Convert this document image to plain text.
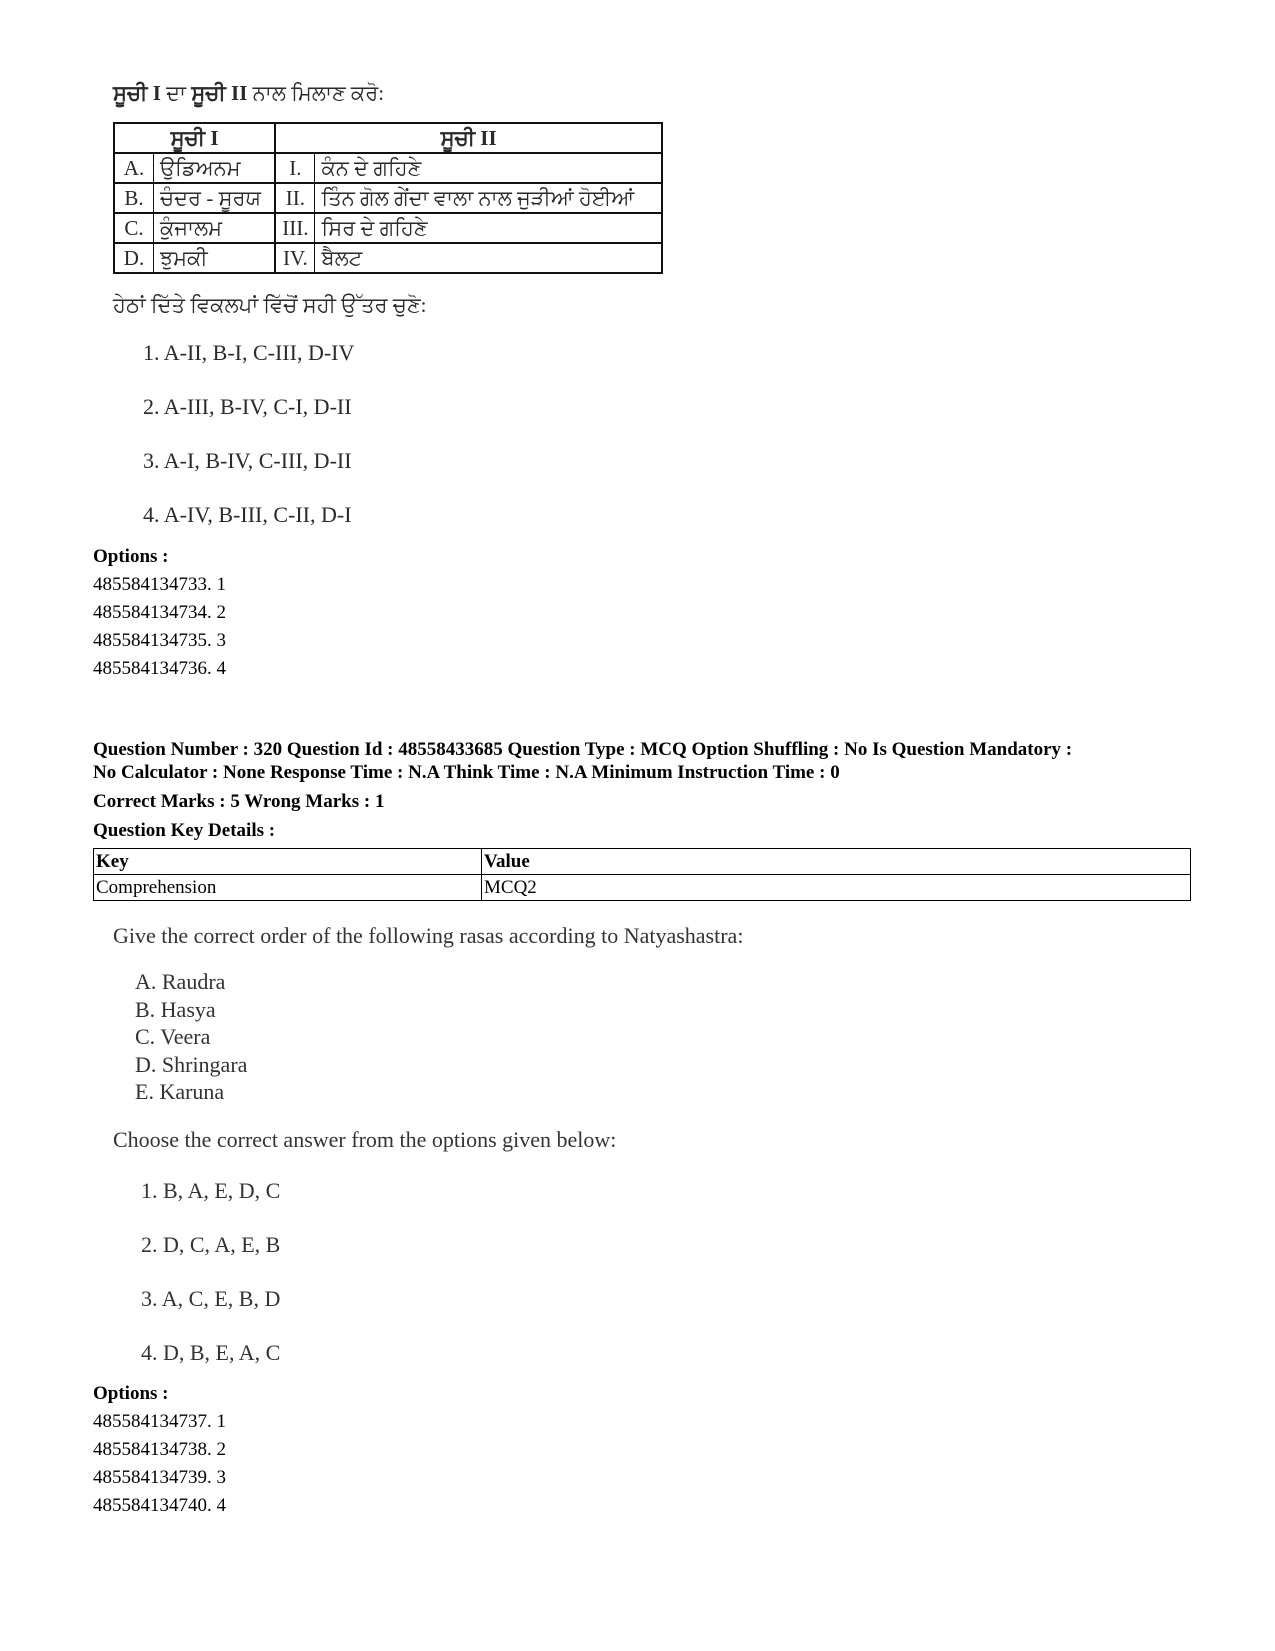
ਸੂਚੀ I ਦਾ ਸੂਚੀ II ਨਾਲ ਮਿਲਾਣ ਕਰੋ:
ਸੂਚੀ I		ਸੂਚੀ II	
A.	ਉਡਿਅਨਮ	I.	ਕੰਨ ਦੇ ਗਹਿਣੇ
B.	ਚੰਦਰ - ਸੂਰਯ	II.	ਤਿੰਨ ਗੋਲ ਗੇਂਦਾ ਵਾਲਾ ਨਾਲ ਜੁੜੀਆਂ ਹੋਈਆਂ
C.	ਕੁੰਜਾਲਮ	III.	ਸਿਰ ਦੇ ਗਹਿਣੇ
D.	ਝੁਮਕੀ	IV.	ਬੈਲਟ
ਹੇਠਾਂ ਦਿੱਤੇ ਵਿਕਲਪਾਂ ਵਿੱਚੋਂ ਸਹੀ ਉੱਤਰ ਚੁਣੋ:
1. A-II, B-I, C-III, D-IV
2. A-III, B-IV, C-I, D-II
3. A-I, B-IV, C-III, D-II
4. A-IV, B-III, C-II, D-I
Options :
485584134733. 1
485584134734. 2
485584134735. 3
485584134736. 4
Question Number : 320 Question Id : 48558433685 Question Type : MCQ Option Shuffling : No Is Question Mandatory :
No Calculator : None Response Time : N.A Think Time : N.A Minimum Instruction Time : 0
Correct Marks : 5 Wrong Marks : 1
Question Key Details :
Key	Value
Comprehension	MCQ2
Give the correct order of the following rasas according to Natyashastra:
A. Raudra
B. Hasya
C. Veera
D. Shringara
E. Karuna
Choose the correct answer from the options given below:
1. B, A, E, D, C
2. D, C, A, E, B
3. A, C, E, B, D
4. D, B, E, A, C
Options :
485584134737. 1
485584134738. 2
485584134739. 3
485584134740. 4
